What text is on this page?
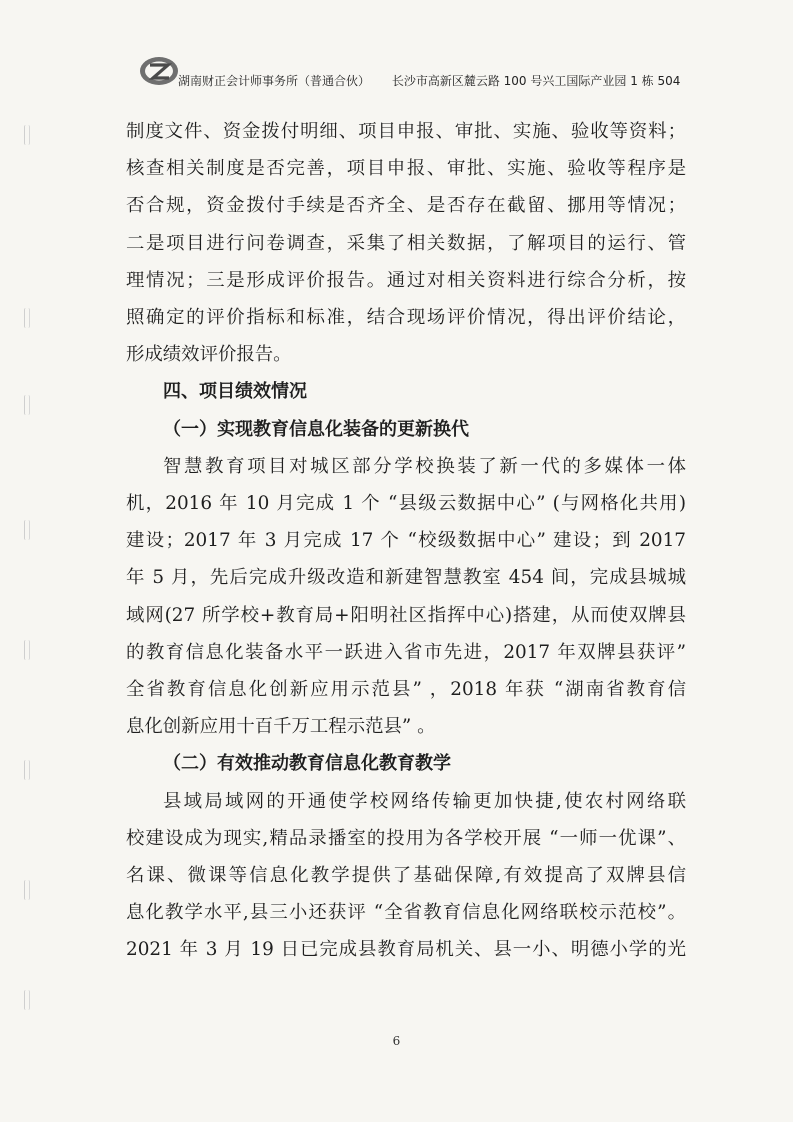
湖南财正会计师事务所（普通合伙） 长沙市高新区麓云路 100 号兴工国际产业园 1 栋 504

制度文件、资金拨付明细、项目申报、审批、实施、验收等资料；

核查相关制度是否完善，项目申报、审批、实施、验收等程序是

否合规，资金拨付手续是否齐全、是否存在截留、挪用等情况；

二是项目进行问卷调查，采集了相关数据，了解项目的运行、管

理情况；三是形成评价报告。通过对相关资料进行综合分析，按

照确定的评价指标和标准，结合现场评价情况，得出评价结论，

形成绩效评价报告。

四、项目绩效情况

（一）实现教育信息化装备的更新换代

智慧教育项目对城区部分学校换装了新一代的多媒体一体

机，2016 年 10 月完成 1 个 “县级云数据中心” (与网格化共用)

建设；2017 年 3 月完成 17 个 “校级数据中心” 建设；到 2017

年 5 月，先后完成升级改造和新建智慧教室 454 间，完成县城城

域网(27 所学校+教育局+阳明社区指挥中心)搭建，从而使双牌县

的教育信息化装备水平一跃进入省市先进，2017 年双牌县获评”

全省教育信息化创新应用示范县” ，2018 年获 “湖南省教育信

息化创新应用十百千万工程示范县” 。

（二）有效推动教育信息化教育教学

县域局域网的开通使学校网络传输更加快捷,使农村网络联

校建设成为现实,精品录播室的投用为各学校开展 “一师一优课”、

名课、微课等信息化教学提供了基础保障,有效提高了双牌县信

息化教学水平,县三小还获评 “全省教育信息化网络联校示范校”。

2021 年 3 月 19 日已完成县教育局机关、县一小、明德小学的光

6
